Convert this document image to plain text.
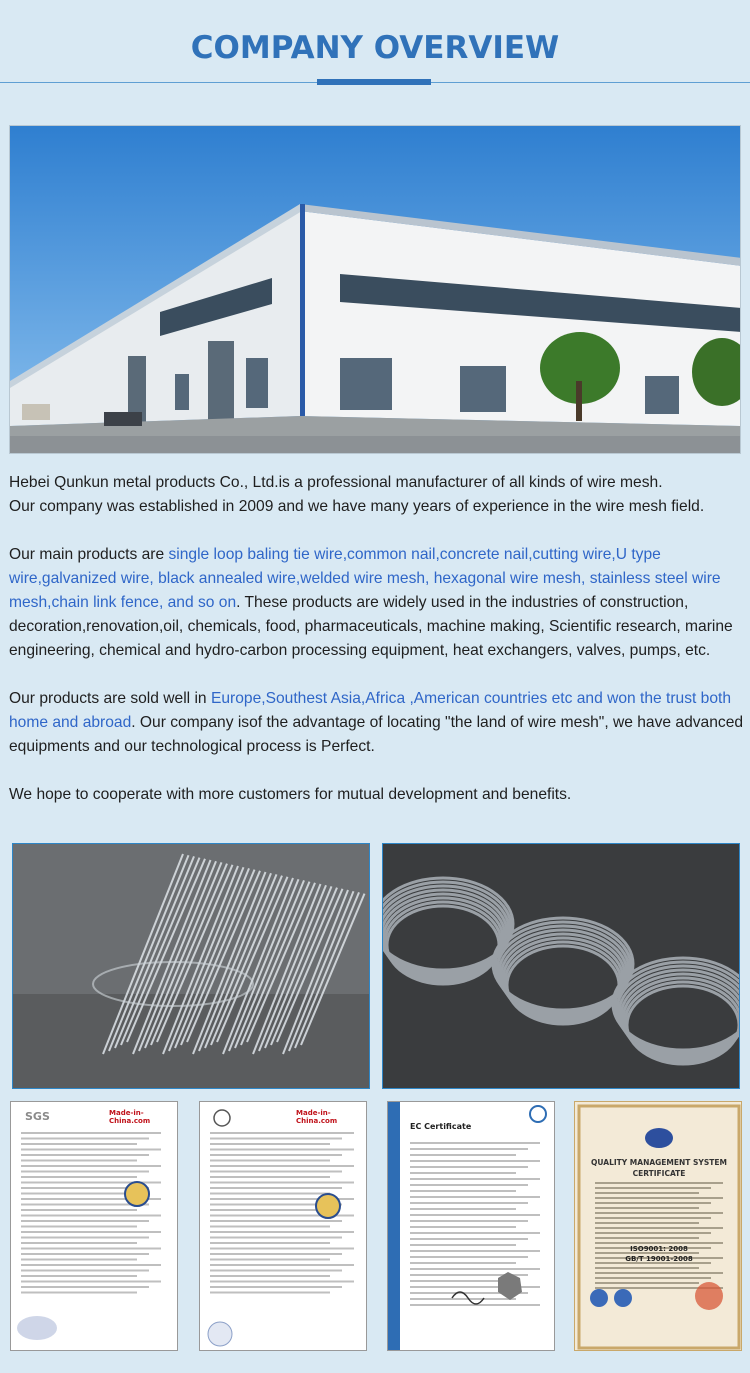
COMPANY OVERVIEW

Hebei Qunkun metal products Co., Ltd.is a professional manufacturer of all kinds of wire mesh.
Our company was established in 2009 and we have many years of experience in the wire mesh field.

Our main products are single loop baling tie wire,common nail,concrete nail,cutting wire,U type wire,galvanized wire, black annealed wire,welded wire mesh, hexagonal wire mesh, stainless steel wire mesh,chain link fence, and so on. These products are widely used in the industries of construction, decoration,renovation,oil, chemicals, food, pharmaceuticals, machine making, Scientific research, marine engineering, chemical and hydro-carbon processing equipment, heat exchangers, valves, pumps, etc.

Our products are sold well in Europe,Southest Asia,Africa ,American countries etc and won the trust both home and abroad. Our company isof the advantage of locating "the land of wire mesh", we have advanced equipments and our technological process is Perfect.

We hope to cooperate with more customers for mutual development and benefits.

SGS	Made-in-China.com
Made-in-China.com
EC Certificate
QUALITY MANAGEMENT SYSTEM
CERTIFICATE
ISO9001: 2008
GB/T 19001-2008
